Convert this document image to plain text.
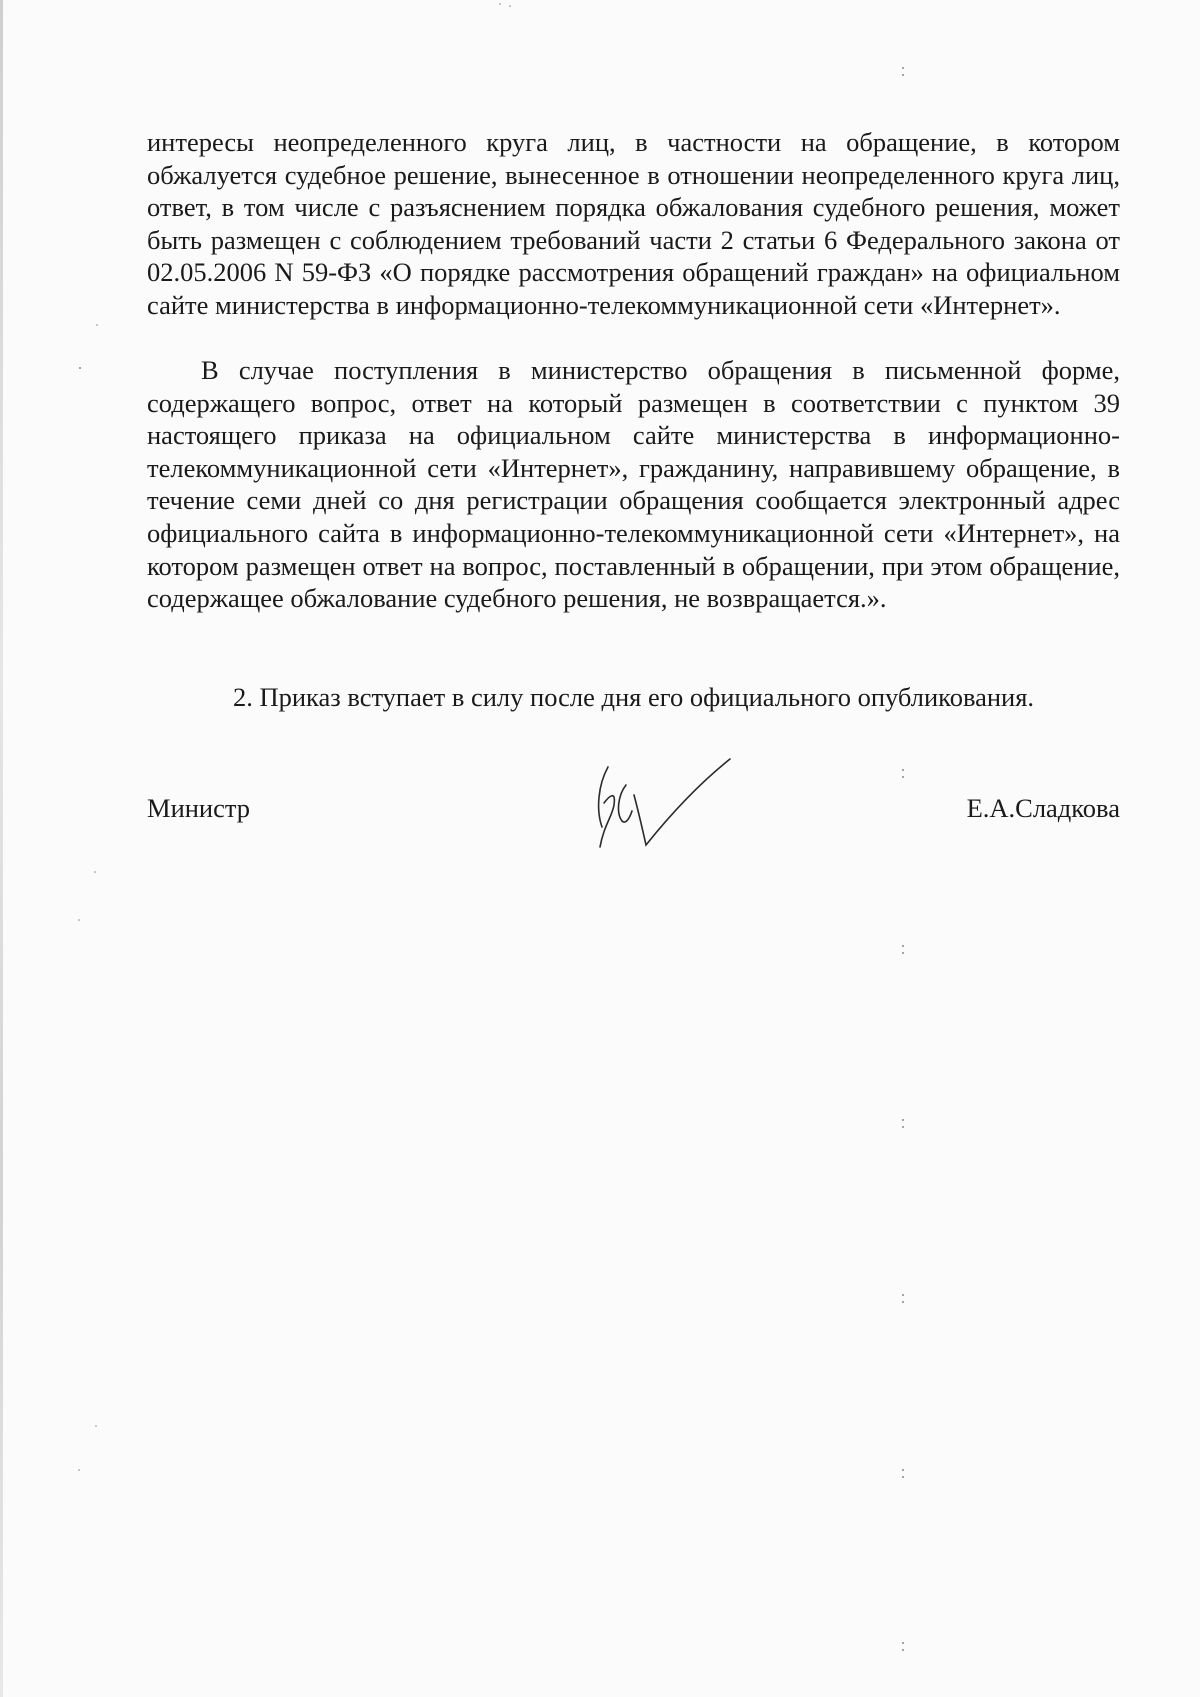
интересы неопределенного круга лиц, в частности на обращение, в котором обжалуется судебное решение, вынесенное в отношении неопределенного круга лиц, ответ, в том числе с разъяснением порядка обжалования судебного решения, может быть размещен с соблюдением требований части 2 статьи 6 Федерального закона от 02.05.2006 N 59-ФЗ «О порядке рассмотрения обращений граждан» на официальном сайте министерства в информационно-телекоммуникационной сети «Интернет».

В случае поступления в министерство обращения в письменной форме, содержащего вопрос, ответ на который размещен в соответствии с пунктом 39 настоящего приказа на официальном сайте министерства в информационно-телекоммуникационной сети «Интернет», гражданину, направившему обращение, в течение семи дней со дня регистрации обращения сообщается электронный адрес официального сайта в информационно-телекоммуникационной сети «Интернет», на котором размещен ответ на вопрос, поставленный в обращении, при этом обращение, содержащее обжалование судебного решения, не возвращается.».

2. Приказ вступает в силу после дня его официального опубликования.

Министр	Е.А.Сладкова
